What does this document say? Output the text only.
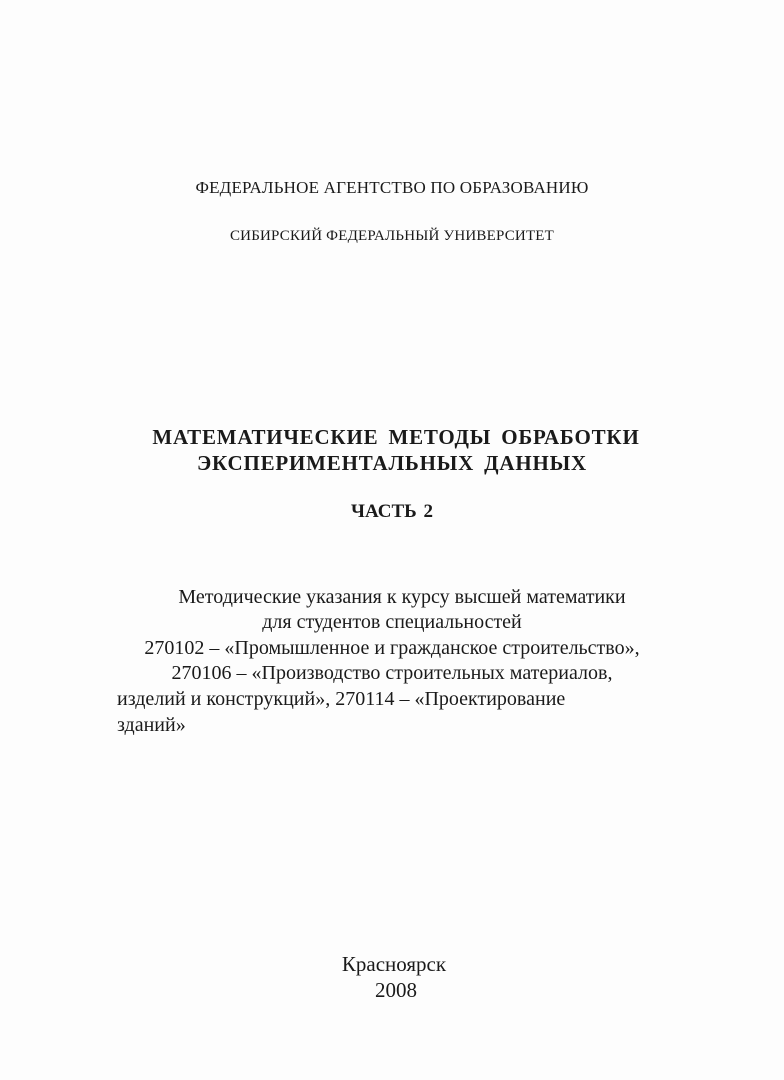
ФЕДЕРАЛЬНОЕ АГЕНТСТВО ПО ОБРАЗОВАНИЮ
СИБИРСКИЙ ФЕДЕРАЛЬНЫЙ УНИВЕРСИТЕТ
МАТЕМАТИЧЕСКИЕ МЕТОДЫ ОБРАБОТКИ
ЭКСПЕРИМЕНТАЛЬНЫХ ДАННЫХ
ЧАСТЬ 2
Методические указания к курсу высшей математики
для студентов специальностей
270102 – «Промышленное и гражданское строительство»,
270106 – «Производство строительных материалов,
изделий и конструкций», 270114 – «Проектирование
зданий»
Красноярск
2008
